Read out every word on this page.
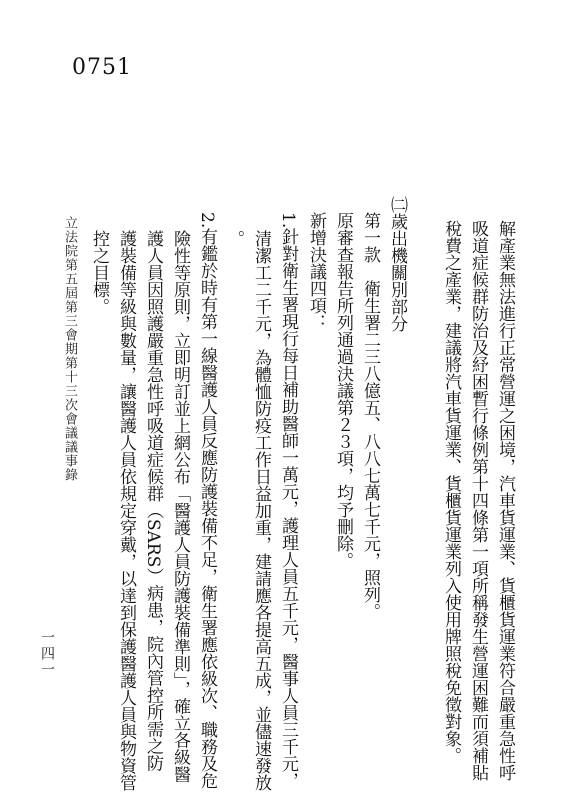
0751
解產業無法進行正常營運之困境，汽車貨運業、貨櫃貨運業符合嚴重急性呼
吸道症候群防治及紓困暫行條例第十四條第一項所稱發生營運困難而須補貼
稅費之產業，建議將汽車貨運業、貨櫃貨運業列入使用牌照稅免徵對象。
㈡歲出機關別部分
第一款　衛生署二三八億五、八八七萬七千元，照列。
原審查報告所列通過決議第２３項，均予刪除。
新增決議四項：
1.針對衛生署現行每日補助醫師一萬元，護理人員五千元，醫事人員三千元，
清潔工二千元，為體恤防疫工作日益加重，建請應各提高五成，並儘速發放
。
2.有鑑於時有第一線醫護人員反應防護裝備不足，衛生署應依級次、職務及危
險性等原則，立即明訂並上網公布「醫護人員防護裝備準則」，確立各級醫
護人員因照護嚴重急性呼吸道症候群（SARS）病患，院內管控所需之防
護裝備等級與數量，讓醫護人員依規定穿戴，以達到保護醫護人員與物資管
控之目標。
立法院第五屆第三會期第十三次會議議事錄
一四一
